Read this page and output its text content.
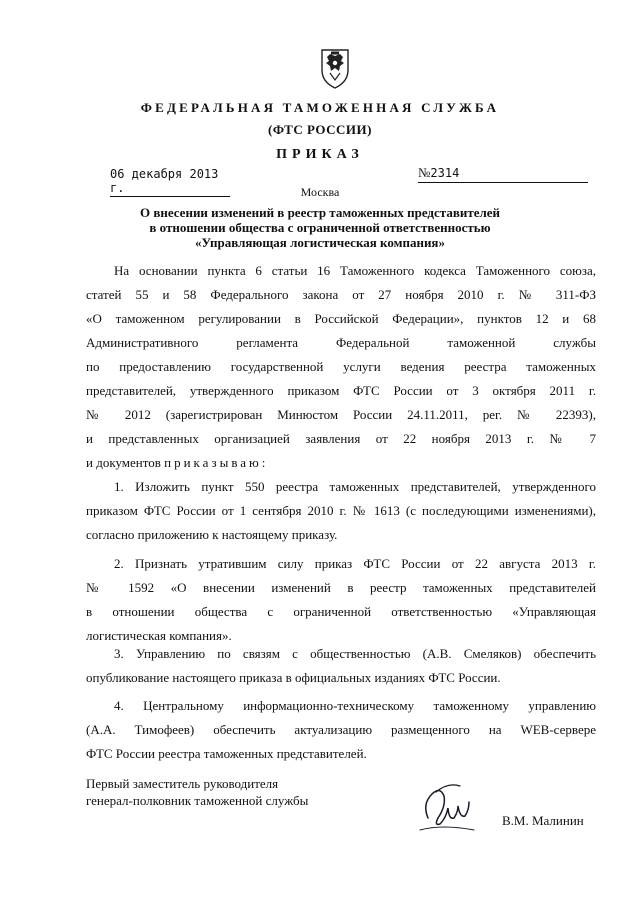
ФЕДЕРАЛЬНАЯ ТАМОЖЕННАЯ СЛУЖБА
(ФТС РОССИИ)
ПРИКАЗ
06 декабря 2013 г.
№2314
Москва
О внесении изменений в реестр таможенных представителей
в отношении общества с ограниченной ответственностью
«Управляющая логистическая компания»
На основании пункта 6 статьи 16 Таможенного кодекса Таможенного союза,
статей 55 и 58 Федерального закона от 27 ноября 2010 г. № 311-ФЗ
«О таможенном регулировании в Российской Федерации», пунктов 12 и 68
Административного регламента Федеральной таможенной службы
по предоставлению государственной услуги ведения реестра таможенных
представителей, утвержденного приказом ФТС России от 3 октября 2011 г.
№ 2012 (зарегистрирован Минюстом России 24.11.2011, рег. № 22393),
и представленных организацией заявления от 22 ноября 2013 г. № 7
и документов приказываю:
1. Изложить пункт 550 реестра таможенных представителей, утвержденного
приказом ФТС России от 1 сентября 2010 г. № 1613 (с последующими изменениями),
согласно приложению к настоящему приказу.
2. Признать утратившим силу приказ ФТС России от 22 августа 2013 г.
№ 1592 «О внесении изменений в реестр таможенных представителей
в отношении общества с ограниченной ответственностью «Управляющая
логистическая компания».
3. Управлению по связям с общественностью (А.В. Смеляков) обеспечить
опубликование настоящего приказа в официальных изданиях ФТС России.
4. Центральному информационно-техническому таможенному управлению
(А.А. Тимофеев) обеспечить актуализацию размещенного на WEB-сервере
ФТС России реестра таможенных представителей.
Первый заместитель руководителя
генерал-полковник таможенной службы
В.М. Малинин
